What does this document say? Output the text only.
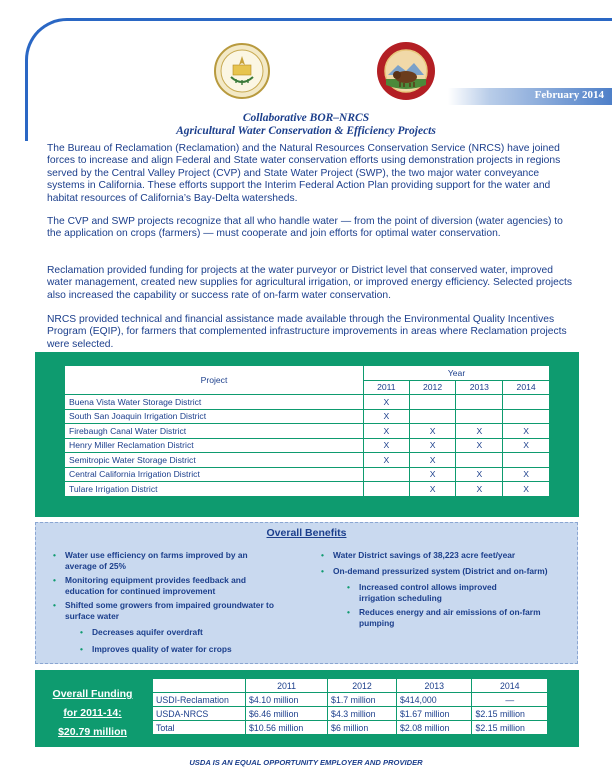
February 2014
Collaborative BOR–NRCS
Agricultural Water Conservation & Efficiency Projects
The Bureau of Reclamation (Reclamation) and the Natural Resources Conservation Service (NRCS) have joined forces to increase and align Federal and State water conservation efforts using demonstration projects in regions served by the Central Valley Project (CVP) and State Water Project (SWP), the two major water conveyance systems in California. These efforts support the Interim Federal Action Plan providing support for the water and habitat resources of California’s Bay-Delta watersheds.
The CVP and SWP projects recognize that all who handle water — from the point of diversion (water agencies) to the application on crops (farmers) — must cooperate and join efforts for optimal water conservation.
Reclamation provided funding for projects at the water purveyor or District level that conserved water, improved water management, created new supplies for agricultural irrigation, or improved energy efficiency. Selected projects also increased the capability or success rate of on-farm water conservation.
NRCS provided technical and financial assistance made available through the Environmental Quality Incentives Program (EQIP), for farmers that complemented infrastructure improvements in areas where Reclamation projects were selected.
Project	Year			
	2011	2012	2013	2014
Buena Vista Water Storage District	X			
South San Joaquin Irrigation District	X			
Firebaugh Canal Water District	X	X	X	X
Henry Miller Reclamation District	X	X	X	X
Semitropic Water Storage District	X	X		
Central California Irrigation District		X	X	X
Tulare Irrigation District		X	X	X
Overall Benefits
• Water use efficiency on farms improved by an average of 25%
• Monitoring equipment provides feedback and education for continued improvement
• Shifted some growers from impaired groundwater to surface water
• Decreases aquifer overdraft
• Improves quality of water for crops
• Water District savings of 38,223 acre feet/year
• On-demand pressurized system (District and on-farm)
• Increased control allows improved irrigation scheduling
• Reduces energy and air emissions of on-farm pumping
Overall Funding
for 2011-14:
$20.79 million
	2011	2012	2013	2014
USDI-Reclamation	$4.10 million	$1.7 million	$414,000	—
USDA-NRCS	$6.46 million	$4.3 million	$1.67 million	$2.15 million
Total	$10.56 million	$6 million	$2.08 million	$2.15 million
USDA IS AN EQUAL OPPORTUNITY EMPLOYER AND PROVIDER
